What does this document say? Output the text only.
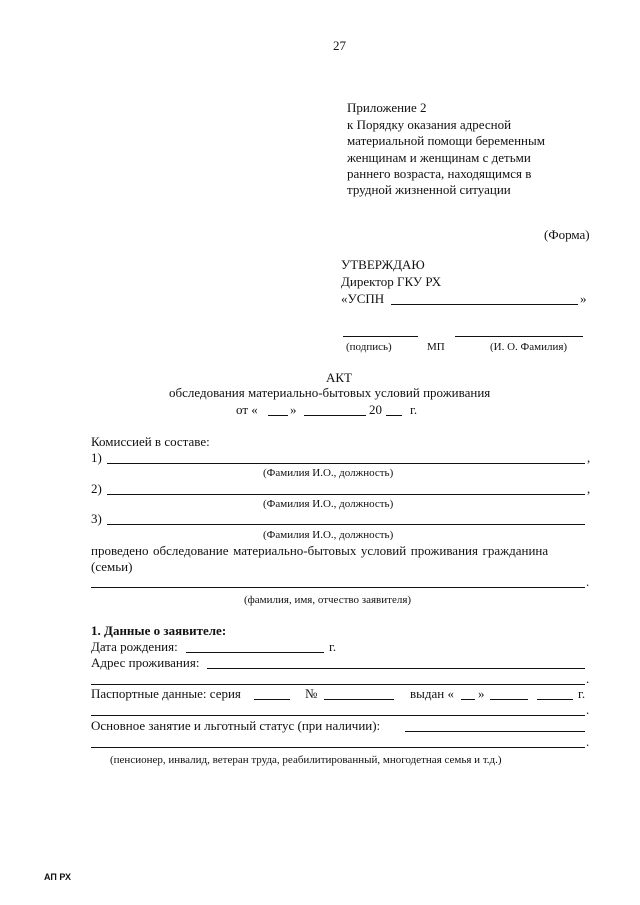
27
Приложение 2
к Порядку оказания адресной
материальной помощи беременным
женщинам и женщинам с детьми
раннего возраста, находящимся в
трудной жизненной ситуации
(Форма)
УТВЕРЖДАЮ
Директор ГКУ РХ
«УСПН	»
(подпись)	МП	(И. О. Фамилия)
АКТ
обследования материально-бытовых условий проживания
от « »	20 г.
Комиссией в составе:
1)	,
(Фамилия И.О., должность)
2)	,
(Фамилия И.О., должность)
3)
(Фамилия И.О., должность)
проведено обследование материально-бытовых условий проживания гражданина
(семьи)
.
(фамилия, имя, отчество заявителя)
1. Данные о заявителе:
Дата рождения:	г.
Адрес проживания:
.
Паспортные данные: серия	№	выдан « »	г.
.
Основное занятие и льготный статус (при наличии):
.
(пенсионер, инвалид, ветеран труда, реабилитированный, многодетная семья и т.д.)
АП РХ
